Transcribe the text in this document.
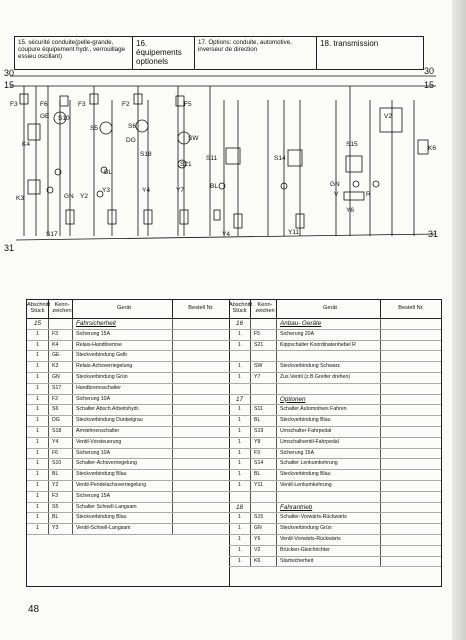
15. sécurité conduite(pelle-grande, coupure équipement hydr., verrouillage essieu oscillant)
16. équipements optionels
17. Options: conduite, automotive, inverseur de direction
18. transmission
30	30
15	15
31
31
F3	F6	F3	F2	F5
GE S10
S5	S6
SW
S21
DG
K4
K3	GN Y2
Y3
BL
Y4	Y7
S17
S18
S11	S14
S15
Y4	Y11
Y6
V2
K6
BL	GN
R
V
Abschnitt Stück
Kenn- zeichen	Gerät	Bestell Nr.
15	Fahrsicherheit
1	F3	Sicherung 15A
1	K4	Relais-Handbremse
1	GE	Steckverbindung Gelb
1	K3	Relais-Achsverriegelung
1	GN	Steckverbindung Grün
1	S17	Handbremsschalter
1	F2	Sicherung 10A
1	S6	Schalter Absch.Arbeitshydr.
1	DG	Steckverbindung Dunkelgrau
1	S18	Armlehnenschalter
1	Y4	Ventil-Vorsteuerung
1	F6	Sicherung 10A
1	S10	Schalter-Achsverriegelung
1	BL	Steckverbindung Blau
1	Y2	Ventil-Pendelachsverriegelung
1	F3	Sicherung 15A
1	S5	Schalter Schnell-Langsam
1	BL	Steckverbindung Blau
1	Y3	Ventil-Schnell-Langsam
Abschnitt Stück
Kenn- zeichen	Gerät	Bestell Nr.
16	Anbau- Geräte
1	F5	Sicherung 20A
1	S21	Kippschalter Koordinatenhebel R
1	SW	Steckverbindung Schwarz
1	Y7	Zus.Ventil (z.B.Greifer drehen)
17	Optionen
1	S11	Schalter Automotives Fahren
1	BL	Steckverbindung Blau
1	S19	Umschalter-Fahrpedal
1	Y8	Umschaltventil-Fahrpedal
1	F3	Sicherung 15A
1	S14	Schalter Lenkumkehrung
1	BL	Steckverbindung Blau
1	Y11	Ventil-Lenkumkehrung
18	Fahrantrieb
1	S15	Schalter-Vorwärts-Rückwärts
1	GN	Steckverbindung Grün
1	Y6	Ventil-Vorwärts-Rückwärts
1	V2	Brücken-Gleichrichter
1	K6	Startsicherheit
48
